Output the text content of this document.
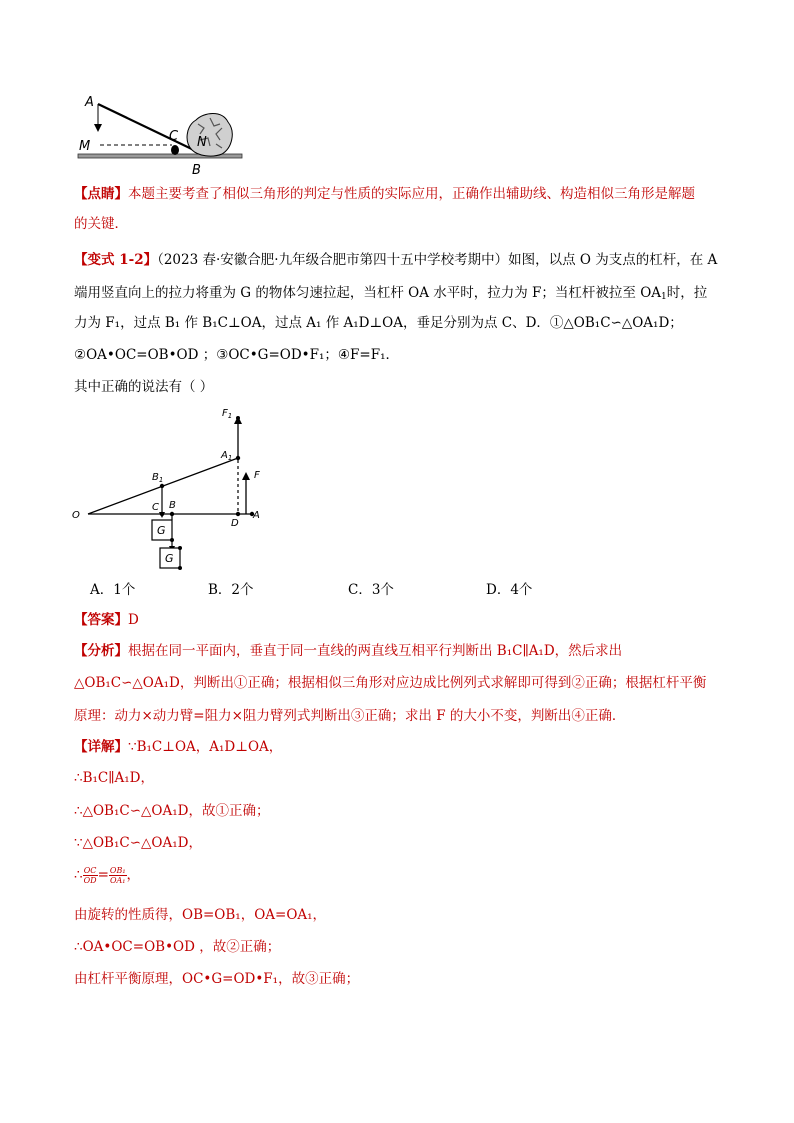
A
M
C N
B
【点睛】本题主要考查了相似三角形的判定与性质的实际应用，正确作出辅助线、构造相似三角形是解题
的关键．
【变式 1-2】（2023 春·安徽合肥·九年级合肥市第四十五中学校考期中）如图，以点 O 为支点的杠杆，在 A
端用竖直向上的拉力将重为 G 的物体匀速拉起，当杠杆 OA 水平时，拉力为 F；当杠杆被拉至 $OA_1$时，拉
力为 F₁，过点 B₁ 作 B₁C⊥OA，过点 A₁ 作 A₁D⊥OA，垂足分别为点 C、D．①△OB₁C∽△OA₁D；
②OA•OC=OB•OD ；③OC•G=OD•F₁；④F=F₁．
其中正确的说法有（ ）
$F_1$
$A_1$
F
$B_1$
C B
G
G
O
D
A
A．1个	B．2个	C．3个	D．4个
【答案】D
【分析】根据在同一平面内，垂直于同一直线的两直线互相平行判断出 B₁C∥A₁D，然后求出
△OB₁C∽△OA₁D，判断出①正确；根据相似三角形对应边成比例列式求解即可得到②正确；根据杠杆平衡
原理：动力×动力臂=阻力×阻力臂列式判断出③正确；求出 F 的大小不变，判断出④正确．
【详解】∵B₁C⊥OA，A₁D⊥OA，
∴B₁C∥A₁D，
∴△OB₁C∽△OA₁D，故①正确；
∵△OB₁C∽△OA₁D，
∴ $\frac{OC}{OD} = \frac{\text{OB₁}}{\text{OA₁}}$ ，
由旋转的性质得，OB=OB₁，OA=OA₁，
∴OA•OC=OB•OD ，故②正确；
由杠杆平衡原理，OC•G=OD•F₁，故③正确；
